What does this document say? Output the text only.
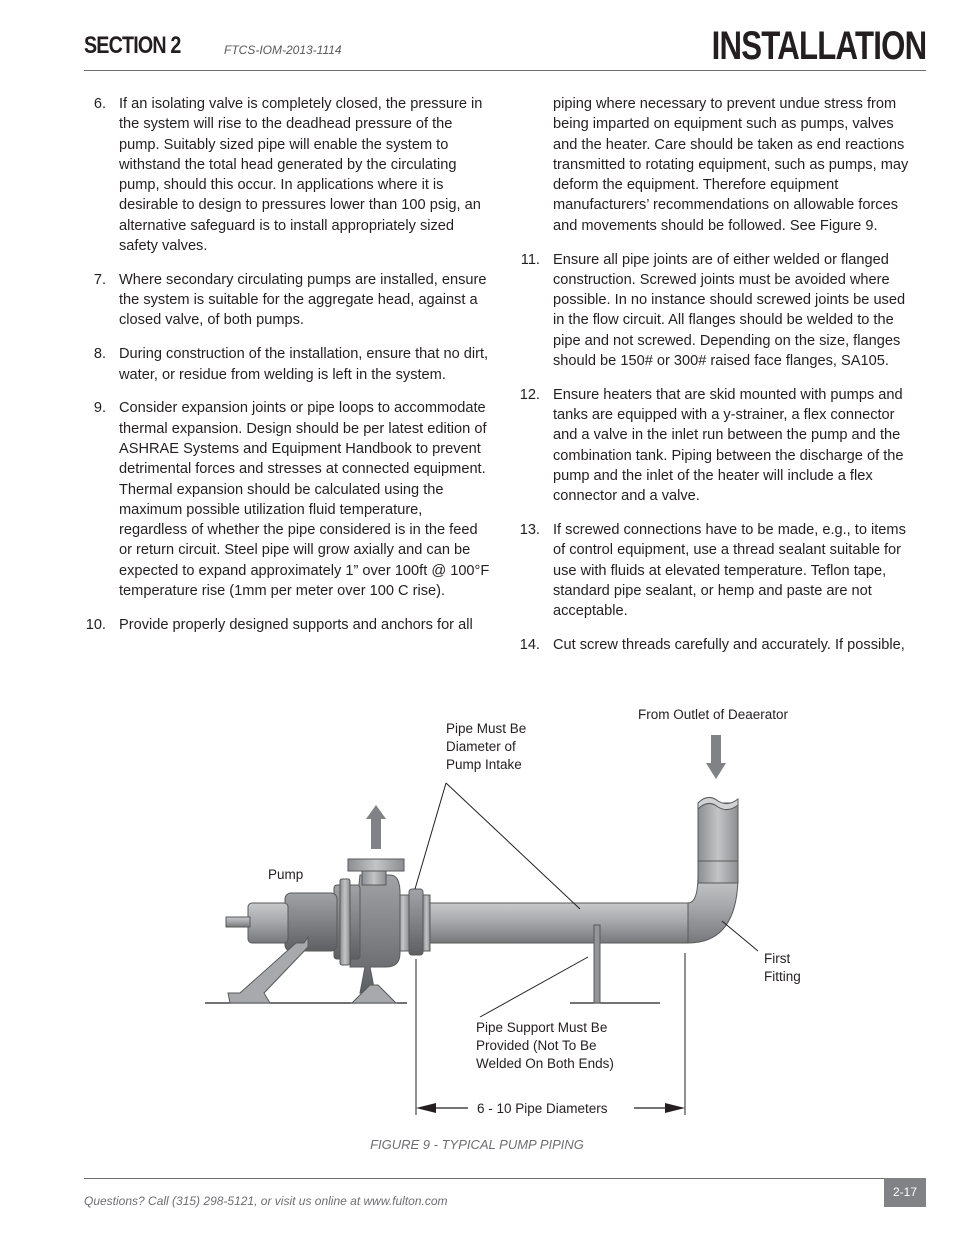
SECTION 2	FTCS-IOM-2013-1114	INSTALLATION
6. If an isolating valve is completely closed, the pressure in the system will rise to the deadhead pressure of the pump. Suitably sized pipe will enable the system to withstand the total head generated by the circulating pump, should this occur. In applications where it is desirable to design to pressures lower than 100 psig, an alternative safeguard is to install appropriately sized safety valves.
7. Where secondary circulating pumps are installed, ensure the system is suitable for the aggregate head, against a closed valve, of both pumps.
8. During construction of the installation, ensure that no dirt, water, or residue from welding is left in the system.
9. Consider expansion joints or pipe loops to accommodate thermal expansion. Design should be per latest edition of ASHRAE Systems and Equipment Handbook to prevent detrimental forces and stresses at connected equipment. Thermal expansion should be calculated using the maximum possible utilization fluid temperature, regardless of whether the pipe considered is in the feed or return circuit. Steel pipe will grow axially and can be expected to expand approximately 1” over 100ft @ 100°F temperature rise (1mm per meter over 100 C rise).
10. Provide properly designed supports and anchors for all
piping where necessary to prevent undue stress from being imparted on equipment such as pumps, valves and the heater. Care should be taken as end reactions transmitted to rotating equipment, such as pumps, may deform the equipment. Therefore equipment manufacturers’ recommendations on allowable forces and movements should be followed. See Figure 9.
11. Ensure all pipe joints are of either welded or flanged construction. Screwed joints must be avoided where possible. In no instance should screwed joints be used in the flow circuit. All flanges should be welded to the pipe and not screwed. Depending on the size, flanges should be 150# or 300# raised face flanges, SA105.
12. Ensure heaters that are skid mounted with pumps and tanks are equipped with a y-strainer, a flex connector and a valve in the inlet run between the pump and the combination tank. Piping between the discharge of the pump and the inlet of the heater will include a flex connector and a valve.
13. If screwed connections have to be made, e.g., to items of control equipment, use a thread sealant suitable for use with fluids at elevated temperature. Teflon tape, standard pipe sealant, or hemp and paste are not acceptable.
14. Cut screw threads carefully and accurately. If possible,
Pump
Pipe Must Be Diameter of Pump Intake
From Outlet of Deaerator
First Fitting
Pipe Support Must Be Provided (Not To Be Welded On Both Ends)
6 - 10 Pipe Diameters
FIGURE 9 - TYPICAL PUMP PIPING
Questions? Call (315) 298-5121, or visit us online at www.fulton.com
2-17
